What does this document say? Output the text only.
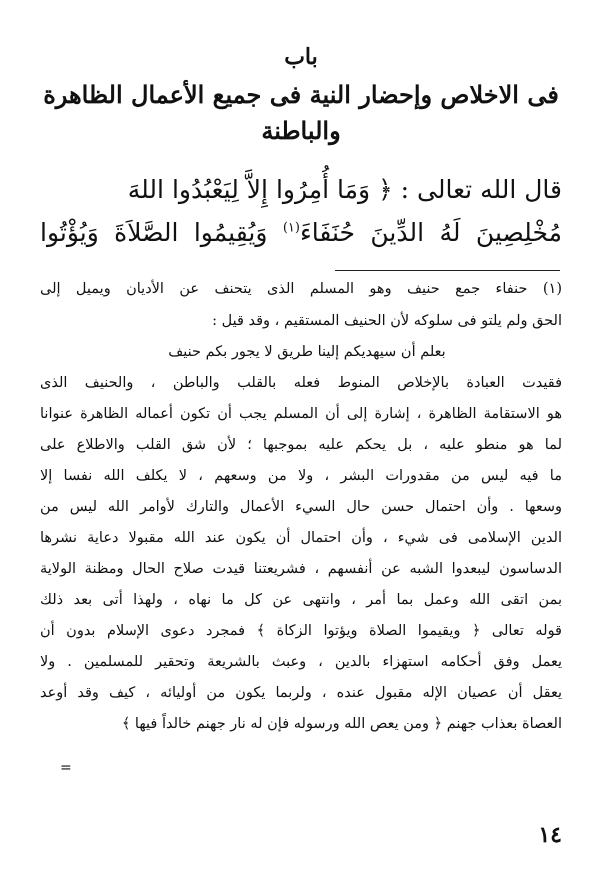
باب
فى الاخلاص وإحضار النية فى جميع الأعمال الظاهرة
والباطنة
قال الله تعالى : ﴿ وَمَا أُمِرُوا إِلاَّ لِيَعْبُدُوا اللهَ
مُخْلِصِينَ لَهُ الدِّينَ حُنَفَاءَ$^{(١)}$ وَيُقِيمُوا الصَّلاَةَ وَيُؤْتُوا
(١) حنفاء جمع حنيف وهو المسلم الذى يتحنف عن الأديان ويميل إلى
الحق ولم يلتو فى سلوكه لأن الحنيف المستقيم ، وقد قيل :
بعلم أن سيهديكم إلينا طريق لا يجور بكم حنيف
فقيدت العبادة بالإخلاص المنوط فعله بالقلب والباطن ، والحنيف الذى
هو الاستقامة الظاهرة ، إشارة إلى أن المسلم يجب أن تكون أعماله الظاهرة عنوانا
لما هو منطو عليه ، بل يحكم عليه بموجبها ؛ لأن شق القلب والاطلاع على
ما فيه ليس من مقدورات البشر ، ولا من وسعهم ، لا يكلف الله نفسا إلا
وسعها . وأن احتمال حسن حال السيء الأعمال والتارك لأوامر الله ليس من
الدين الإسلامى فى شيء ، وأن احتمال أن يكون عند الله مقبولا دعاية نشرها
الدساسون ليبعدوا الشبه عن أنفسهم ، فشريعتنا قيدت صلاح الحال ومظنة الولاية
بمن اتقى الله وعمل بما أمر ، وانتهى عن كل ما نهاه ، ولهذا أتى بعد ذلك
قوله تعالى ﴿ ويقيموا الصلاة ويؤتوا الزكاة ﴾ فمجرد دعوى الإسلام بدون أن
يعمل وفق أحكامه استهزاء بالدين ، وعبث بالشريعة وتحقير للمسلمين . ولا
يعقل أن عصيان الإله مقبول عنده ، ولربما يكون من أوليائه ، كيف وقد أوعد
العصاة بعذاب جهنم ﴿ ومن يعص الله ورسوله فإن له نار جهنم خالداً فيها ﴾
=
١٤
